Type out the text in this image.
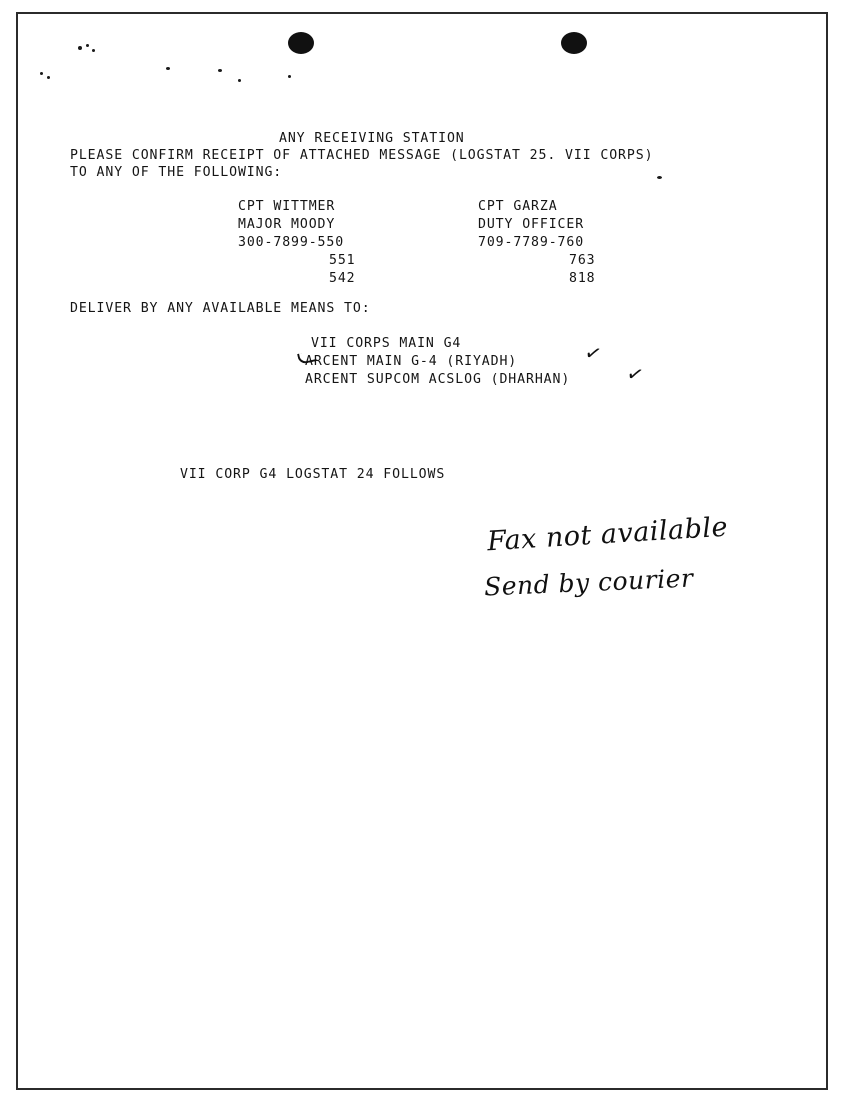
ANY RECEIVING STATION

PLEASE CONFIRM RECEIPT OF ATTACHED MESSAGE (LOGSTAT 25. VII CORPS)

TO ANY OF THE FOLLOWING:

CPT WITTMER

MAJOR MOODY

300-7899-550

551

542

CPT GARZA

DUTY OFFICER

709-7789-760

763

818

DELIVER BY ANY AVAILABLE MEANS TO:

VII CORPS MAIN G4

ARCENT MAIN G-4 (RIYADH)

ARCENT SUPCOM ACSLOG (DHARHAN)

VII CORP G4 LOGSTAT 24 FOLLOWS

✓
✓
Fax not available
Send by courier
